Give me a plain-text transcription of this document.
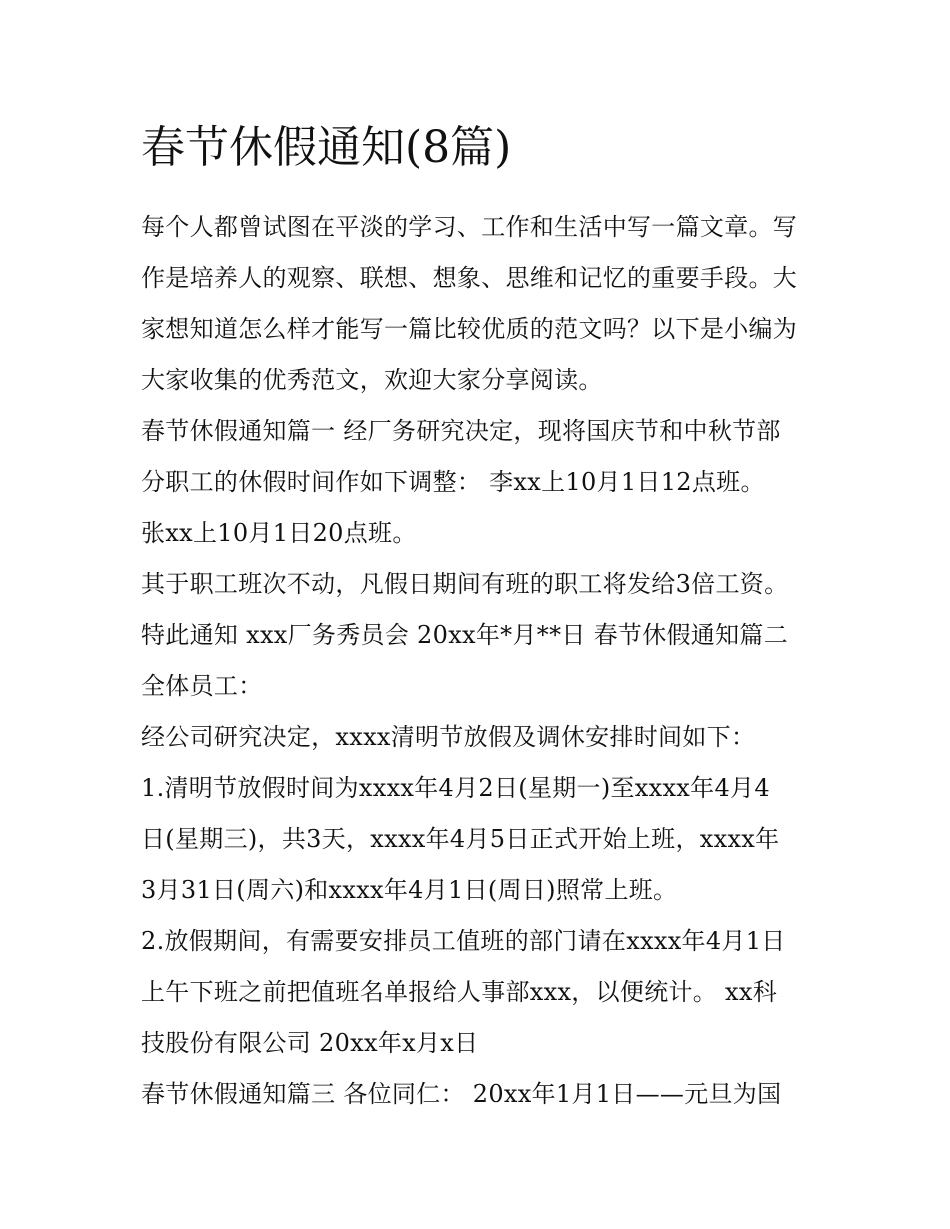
春节休假通知(8篇)
每个人都曾试图在平淡的学习、工作和生活中写一篇文章。写
作是培养人的观察、联想、想象、思维和记忆的重要手段。大
家想知道怎么样才能写一篇比较优质的范文吗？以下是小编为
大家收集的优秀范文，欢迎大家分享阅读。
春节休假通知篇一 经厂务研究决定，现将国庆节和中秋节部
分职工的休假时间作如下调整： 李xx上10月1日12点班。
张xx上10月1日20点班。
其于职工班次不动，凡假日期间有班的职工将发给3倍工资。
特此通知 xxx厂务秀员会 20xx年*月**日 春节休假通知篇二
全体员工：
经公司研究决定，xxxx清明节放假及调休安排时间如下：
1.清明节放假时间为xxxx年4月2日(星期一)至xxxx年4月4
日(星期三)，共3天，xxxx年4月5日正式开始上班，xxxx年
3月31日(周六)和xxxx年4月1日(周日)照常上班。
2.放假期间，有需要安排员工值班的部门请在xxxx年4月1日
上午下班之前把值班名单报给人事部xxx，以便统计。 xx科
技股份有限公司 20xx年x月x日
春节休假通知篇三 各位同仁： 20xx年1月1日——元旦为国
